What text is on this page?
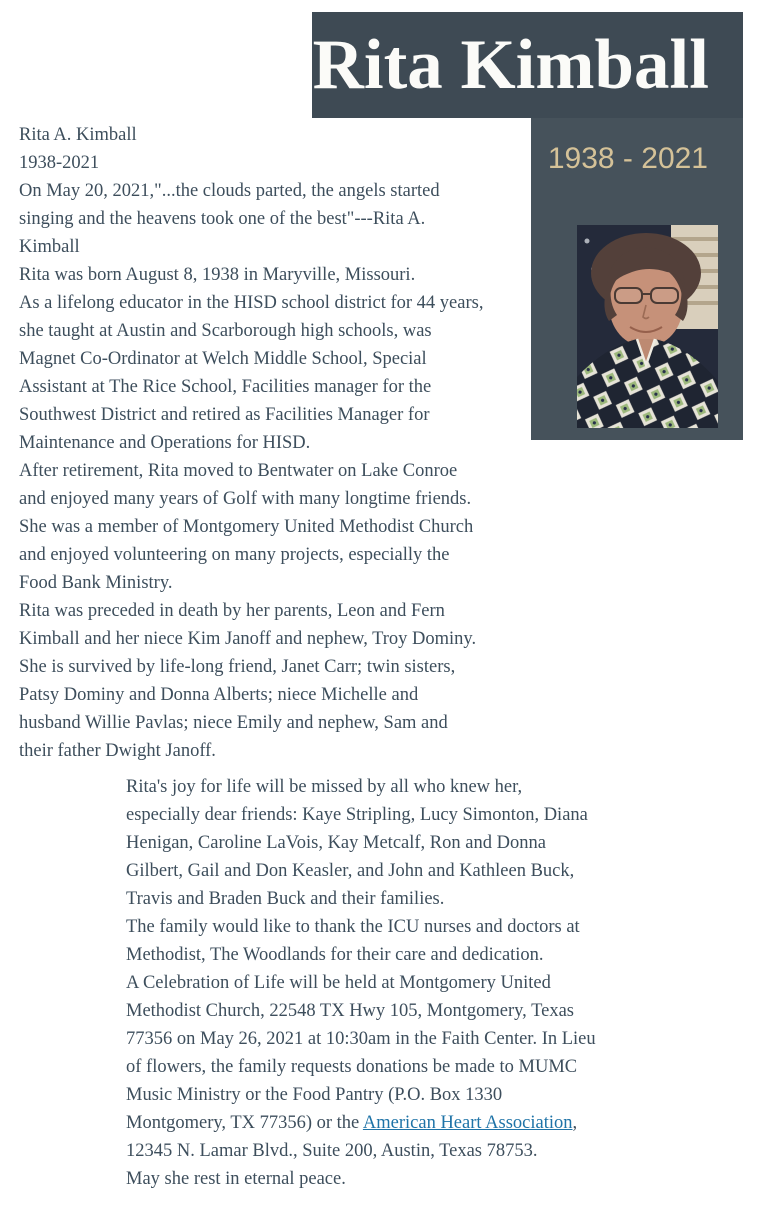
Rita Kimball
1938 - 2021
Rita A. Kimball
1938-2021
On May 20, 2021,"...the clouds parted, the angels started
singing and the heavens took one of the best"---Rita A.
Kimball
Rita was born August 8, 1938 in Maryville, Missouri.
As a lifelong educator in the HISD school district for 44 years,
she taught at Austin and Scarborough high schools, was
Magnet Co-Ordinator at Welch Middle School, Special
Assistant at The Rice School, Facilities manager for the
Southwest District and retired as Facilities Manager for
Maintenance and Operations for HISD.
After retirement, Rita moved to Bentwater on Lake Conroe
and enjoyed many years of Golf with many longtime friends.
She was a member of Montgomery United Methodist Church
and enjoyed volunteering on many projects, especially the
Food Bank Ministry.
Rita was preceded in death by her parents, Leon and Fern
Kimball and her niece Kim Janoff and nephew, Troy Dominy.
She is survived by life-long friend, Janet Carr; twin sisters,
Patsy Dominy and Donna Alberts; niece Michelle and
husband Willie Pavlas; niece Emily and nephew, Sam and
their father Dwight Janoff.
Rita's joy for life will be missed by all who knew her,
especially dear friends: Kaye Stripling, Lucy Simonton, Diana
Henigan, Caroline LaVois, Kay Metcalf, Ron and Donna
Gilbert, Gail and Don Keasler, and John and Kathleen Buck,
Travis and Braden Buck and their families.
The family would like to thank the ICU nurses and doctors at
Methodist, The Woodlands for their care and dedication.
A Celebration of Life will be held at Montgomery United
Methodist Church, 22548 TX Hwy 105, Montgomery, Texas
77356 on May 26, 2021 at 10:30am in the Faith Center. In Lieu
of flowers, the family requests donations be made to MUMC
Music Ministry or the Food Pantry (P.O. Box 1330
Montgomery, TX 77356) or the American Heart Association,
12345 N. Lamar Blvd., Suite 200, Austin, Texas 78753.
May she rest in eternal peace.
